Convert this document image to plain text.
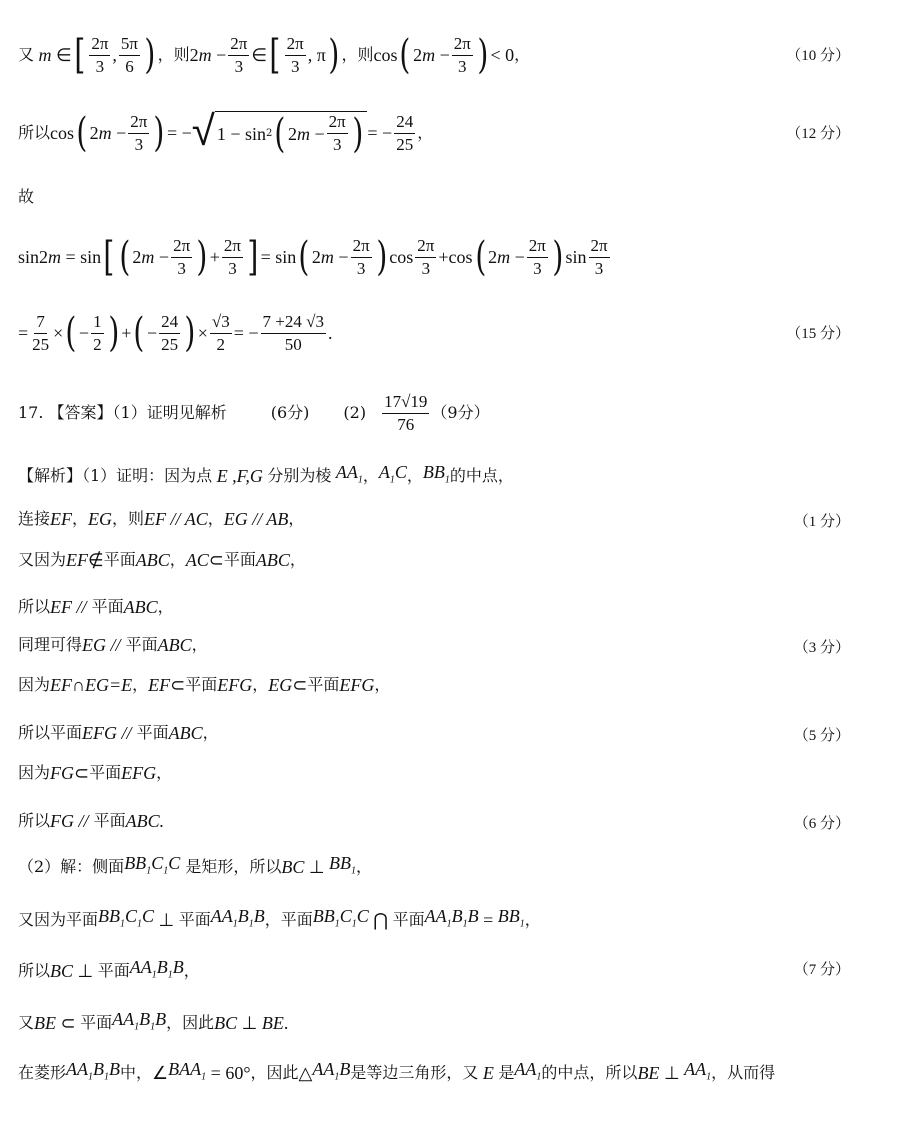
又 m ∈ [ $\frac{2\pi}{3}$ , $\frac{5\pi}{6}$ ) ，则 $2m - \frac{2\pi}{3}$ ∈ [ $\frac{2\pi}{3}$ , π ) ，则 cos ( $2m - \frac{2\pi}{3}$ ) < 0 ，	（10 分）
所以 cos ( $2m - \frac{2\pi}{3}$ ) = − √ 1 − sin 2 ( $2m - \frac{2\pi}{3}$ ) = − $\frac{24}{25}$ ，	（12 分）
故
sin2m = sin [ ( $2m - \frac{2\pi}{3}$ ) + $\frac{2\pi}{3}$ ] = sin ( $2m - \frac{2\pi}{3}$ ) $\cos \frac{2\pi}{3} +\cos$ ( $2m - \frac{2\pi}{3}$ ) $\sin \frac{2\pi}{3}$
= $\frac{7}{25}$ × ( − $\frac{1}{2}$ ) + ( − $\frac{24}{25}$ ) × $\frac{√3}{2}$ = − $\frac{7 +24 √3}{50}$ .	（15 分）
17. 【答案】（1）证明见解析	(6分) $(2) \frac{17√19}{76} (9$分）
【解析】（1）证明：因为点 E ,F,G 分别为棱 $AA_1$ ， $A_1C$ ， $BB_1$ 的中点，
连接 EF ， EG ，则 EF // AC ， EG // AB ，	（1 分）
又因为 EF ∉ 平面 ABC ， AC ⊂ 平面 ABC ，
所以 EF //
平面 ABC ，
同理可得 EG //
平面 ABC ，	（3 分）
因为 EF ∩ EG=E ， EF ⊂ 平面 EFG ， EG ⊂ 平面 EFG ，
所以 平面 EFG //
平面 ABC ，	（5 分）
因为 FG ⊂ 平面 EFG ，
所以 FG //
平面 ABC.	（6 分）
（2）解：侧面 $BB_1C_1C$
是矩形，所以 BC ⊥ $BB_1$ ，
又因为平面 $BB_1C_1C$ ⊥ 平面 $AA_1B_1B$ ，平面 $BB_1C_1C$ ⋂ 平面 $AA_1B_1B = BB_1$ ，
所以 BC ⊥ 平面 $AA_1B_1B$ ，	（7 分）
又 BE ⊂ 平面 $AA_1B_1B$ ，因此 BC ⊥ BE .
在菱形 $AA_1B_1B$ 中， ∠ $BAA_1 = 60^\circ$ ，因此 △ $AA_1B$ 是等边三角形，又 E 是 $AA_1$ 的中点，所以 BE ⊥ $AA_1$ ，从而得
